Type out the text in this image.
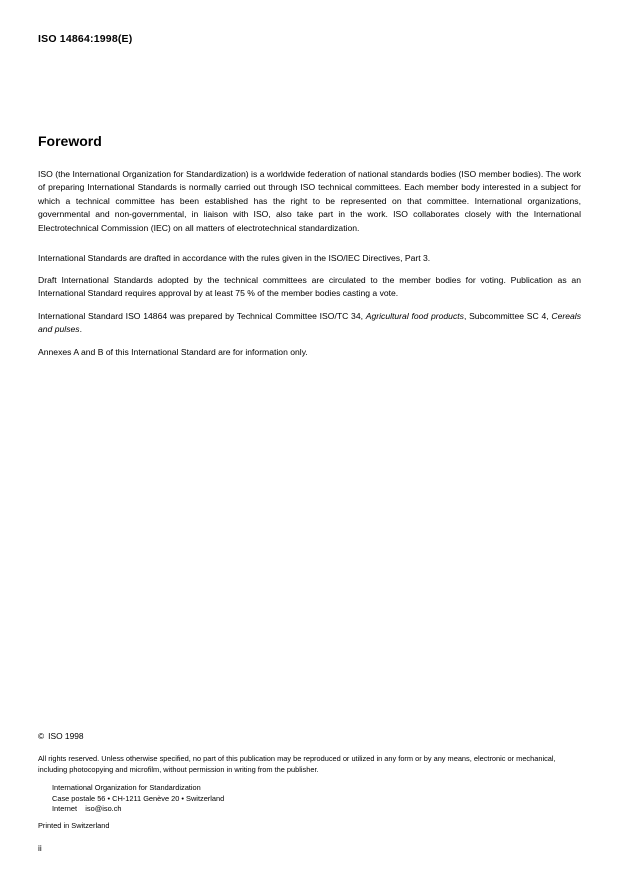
ISO 14864:1998(E)
Foreword
ISO (the International Organization for Standardization) is a worldwide federation of national standards bodies (ISO member bodies). The work of preparing International Standards is normally carried out through ISO technical committees. Each member body interested in a subject for which a technical committee has been established has the right to be represented on that committee. International organizations, governmental and non-governmental, in liaison with ISO, also take part in the work. ISO collaborates closely with the International Electrotechnical Commission (IEC) on all matters of electrotechnical standardization.
International Standards are drafted in accordance with the rules given in the ISO/IEC Directives, Part 3.
Draft International Standards adopted by the technical committees are circulated to the member bodies for voting. Publication as an International Standard requires approval by at least 75 % of the member bodies casting a vote.
International Standard ISO 14864 was prepared by Technical Committee ISO/TC 34, Agricultural food products, Subcommittee SC 4, Cereals and pulses.
Annexes A and B of this International Standard are for information only.
© ISO 1998
All rights reserved. Unless otherwise specified, no part of this publication may be reproduced or utilized in any form or by any means, electronic or mechanical, including photocopying and microfilm, without permission in writing from the publisher.
International Organization for Standardization
Case postale 56 • CH-1211 Genève 20 • Switzerland
Internet    iso@iso.ch
Printed in Switzerland
ii
